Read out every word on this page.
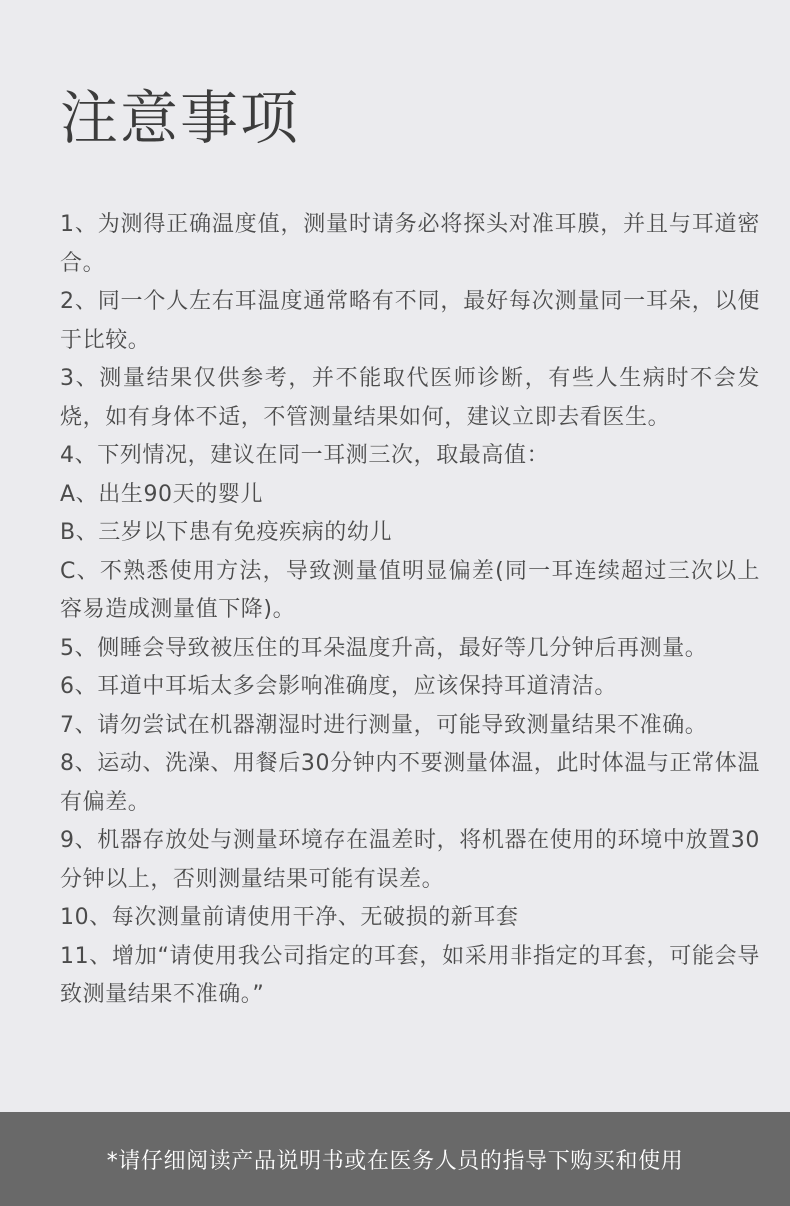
注意事项
1、为测得正确温度值，测量时请务必将探头对准耳膜，并且与耳道密合。
2、同一个人左右耳温度通常略有不同，最好每次测量同一耳朵，以便于比较。
3、测量结果仅供参考，并不能取代医师诊断，有些人生病时不会发烧，如有身体不适，不管测量结果如何，建议立即去看医生。
4、下列情况，建议在同一耳测三次，取最高值：
A、出生90天的婴儿
B、三岁以下患有免疫疾病的幼儿
C、不熟悉使用方法，导致测量值明显偏差(同一耳连续超过三次以上容易造成测量值下降)。
5、侧睡会导致被压住的耳朵温度升高，最好等几分钟后再测量。
6、耳道中耳垢太多会影响准确度，应该保持耳道清洁。
7、请勿尝试在机器潮湿时进行测量，可能导致测量结果不准确。
8、运动、洗澡、用餐后30分钟内不要测量体温，此时体温与正常体温有偏差。
9、机器存放处与测量环境存在温差时，将机器在使用的环境中放置30分钟以上，否则测量结果可能有误差。
10、每次测量前请使用干净、无破损的新耳套
11、增加“请使用我公司指定的耳套，如采用非指定的耳套，可能会导致测量结果不准确。”
*请仔细阅读产品说明书或在医务人员的指导下购买和使用
